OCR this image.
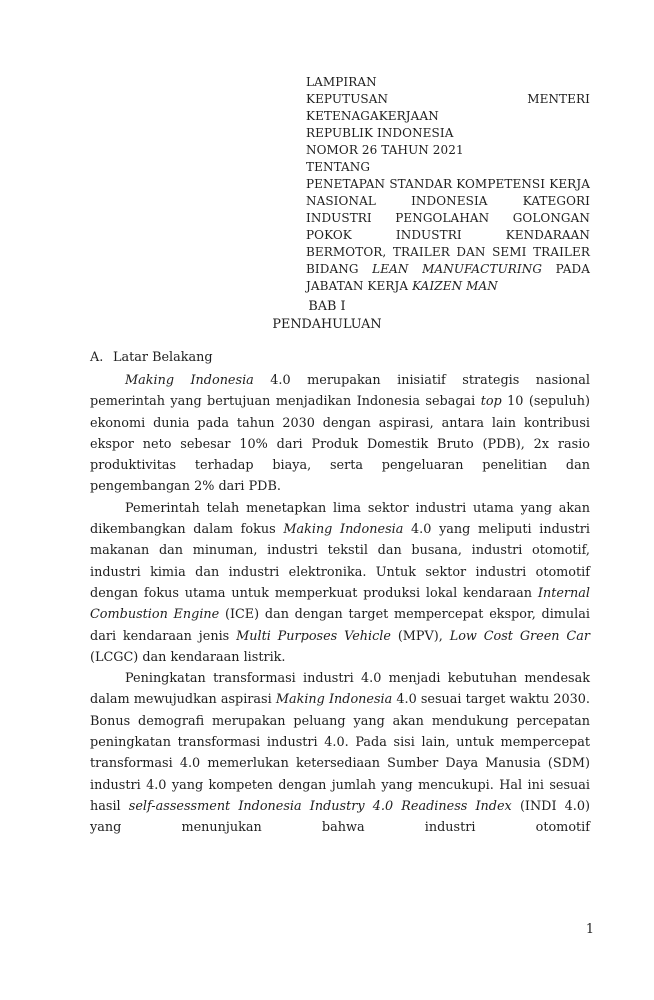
LAMPIRAN
KEPUTUSAN MENTERI KETENAGAKERJAAN
REPUBLIK INDONESIA
NOMOR 26 TAHUN 2021
TENTANG
PENETAPAN STANDAR KOMPETENSI KERJA
NASIONAL INDONESIA KATEGORI
INDUSTRI PENGOLAHAN GOLONGAN
POKOK INDUSTRI KENDARAAN
BERMOTOR, TRAILER DAN SEMI TRAILER
BIDANG LEAN MANUFACTURING PADA
JABATAN KERJA KAIZEN MAN
BAB I
PENDAHULUAN
A. Latar Belakang

Making Indonesia 4.0 merupakan inisiatif strategis nasional pemerintah yang bertujuan menjadikan Indonesia sebagai top 10 (sepuluh) ekonomi dunia pada tahun 2030 dengan aspirasi, antara lain kontribusi ekspor neto sebesar 10% dari Produk Domestik Bruto (PDB), 2x rasio produktivitas terhadap biaya, serta pengeluaran penelitian dan pengembangan 2% dari PDB.

Pemerintah telah menetapkan lima sektor industri utama yang akan dikembangkan dalam fokus Making Indonesia 4.0 yang meliputi industri makanan dan minuman, industri tekstil dan busana, industri otomotif, industri kimia dan industri elektronika. Untuk sektor industri otomotif dengan fokus utama untuk memperkuat produksi lokal kendaraan Internal Combustion Engine (ICE) dan dengan target mempercepat ekspor, dimulai dari kendaraan jenis Multi Purposes Vehicle (MPV), Low Cost Green Car (LCGC) dan kendaraan listrik.

Peningkatan transformasi industri 4.0 menjadi kebutuhan mendesak dalam mewujudkan aspirasi Making Indonesia 4.0 sesuai target waktu 2030. Bonus demografi merupakan peluang yang akan mendukung percepatan peningkatan transformasi industri 4.0. Pada sisi lain, untuk mempercepat transformasi 4.0 memerlukan ketersediaan Sumber Daya Manusia (SDM) industri 4.0 yang kompeten dengan jumlah yang mencukupi. Hal ini sesuai hasil self-assessment Indonesia Industry 4.0 Readiness Index (INDI 4.0) yang menunjukan bahwa industri otomotif

1
